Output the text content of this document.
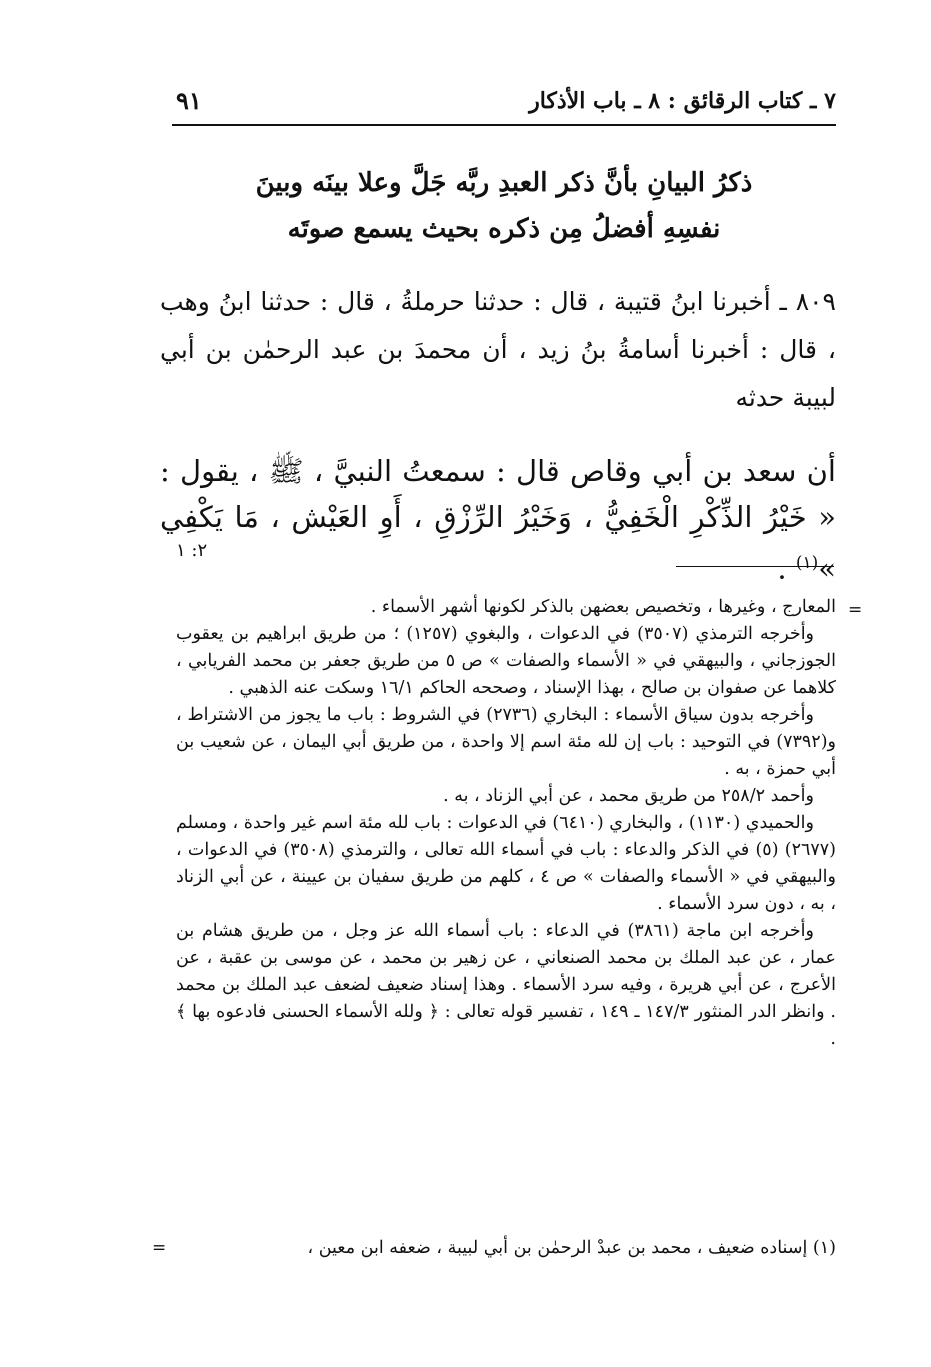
٧ ـ كتاب الرقائق : ٨ ـ باب الأذكار
٩١
ذكرُ البيانِ بأنَّ ذكر العبدِ ربَّه جَلَّ وعلا بينَه وبينَ
نفسِهِ أفضلُ مِن ذكره بحيث يسمع صوتَه
٨٠٩ ـ أخبرنا ابنُ قتيبة ، قال : حدثنا حرملةُ ، قال : حدثنا ابنُ وهب ، قال : أخبرنا أسامةُ بنُ زيد ، أن محمدَ بن عبد الرحمٰن بن أبي لبيبة حدثه
أن سعد بن أبي وقاص قال : سمعتُ النبيَّ ، ﷺ ، يقول : « خَيْرُ الذِّكْرِ الْخَفِيُّ ، وَخَيْرُ الرِّزْقِ ، أَوِ العَيْش ، مَا يَكْفِي »$^{(١)}$ .
٢: ١
=

المعارج ، وغيرها ، وتخصيص بعضهن بالذكر لكونها أشهر الأسماء .

وأخرجه الترمذي (٣٥٠٧) في الدعوات ، والبغوي (١٢٥٧) ؛ من طريق ابراهيم بن يعقوب الجوزجاني ، والبيهقي في « الأسماء والصفات » ص ٥ من طريق جعفر بن محمد الفريابي ، كلاهما عن صفوان بن صالح ، بهذا الإسناد ، وصححه الحاكم ١٦/١ وسكت عنه الذهبي .

وأخرجه بدون سياق الأسماء : البخاري (٢٧٣٦) في الشروط : باب ما يجوز من الاشتراط ، و(٧٣٩٢) في التوحيد : باب إن لله مئة اسم إلا واحدة ، من طريق أبي اليمان ، عن شعيب بن أبي حمزة ، به .

وأحمد ٢٥٨/٢ من طريق محمد ، عن أبي الزناد ، به .

والحميدي (١١٣٠) ، والبخاري (٦٤١٠) في الدعوات : باب لله مئة اسم غير واحدة ، ومسلم (٢٦٧٧) (٥) في الذكر والدعاء : باب في أسماء الله تعالى ، والترمذي (٣٥٠٨) في الدعوات ، والبيهقي في « الأسماء والصفات » ص ٤ ، كلهم من طريق سفيان بن عيينة ، عن أبي الزناد ، به ، دون سرد الأسماء .

وأخرجه ابن ماجة (٣٨٦١) في الدعاء : باب أسماء الله عز وجل ، من طريق هشام بن عمار ، عن عبد الملك بن محمد الصنعاني ، عن زهير بن محمد ، عن موسى بن عقبة ، عن الأعرج ، عن أبي هريرة ، وفيه سرد الأسماء . وهذا إسناد ضعيف لضعف عبد الملك بن محمد . وانظر الدر المنثور ١٤٧/٣ ـ ١٤٩ ، تفسير قوله تعالى : ﴿ ولله الأسماء الحسنى فادعوه بها ﴾ .

(١) إسناده ضعيف ، محمد بن عبدْ الرحمٰن بن أبي لبيبة ، ضعفه ابن معين ،
=
